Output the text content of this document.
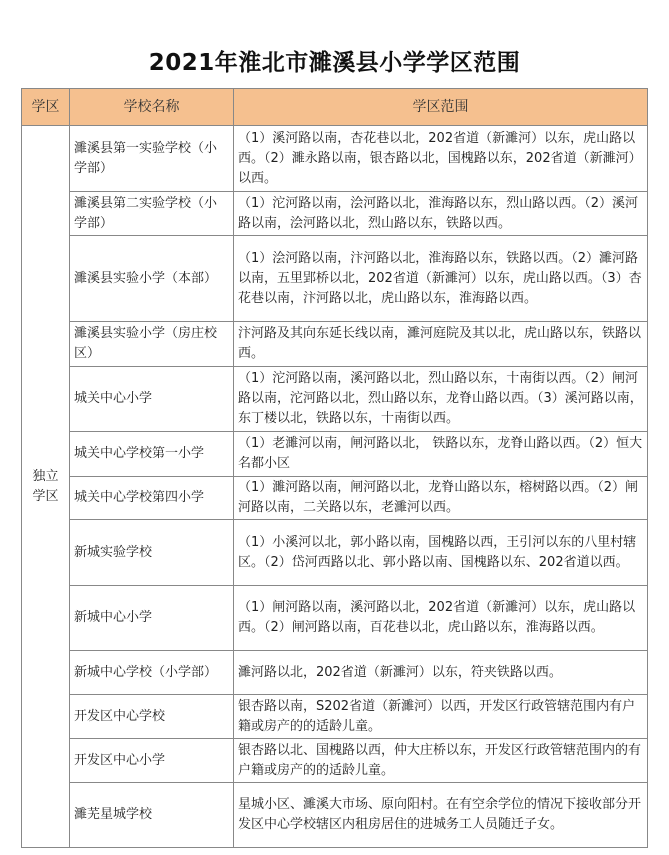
2021年淮北市濉溪县小学学区范围
学区	学校名称	学区范围
独立
学区	濉溪县第一实验学校（小学部）	（1）溪河路以南，杏花巷以北，202省道（新濉河）以东，虎山路以西。（2）濉永路以南，银杏路以北，国槐路以东，202省道（新濉河）以西。
	濉溪县第二实验学校（小学部）	（1）沱河路以南，浍河路以北，淮海路以东，烈山路以西。（2）溪河路以南，浍河路以北，烈山路以东，铁路以西。
	濉溪县实验小学（本部）	（1）浍河路以南，汴河路以北，淮海路以东，铁路以西。（2）濉河路以南，五里郢桥以北，202省道（新濉河）以东，虎山路以西。（3）杏花巷以南，汴河路以北，虎山路以东，淮海路以西。
	濉溪县实验小学（房庄校区）	汴河路及其向东延长线以南，濉河庭院及其以北，虎山路以东，铁路以西。
	城关中心小学	（1）沱河路以南，溪河路以北，烈山路以东，十南街以西。（2）闸河路以南，沱河路以北，烈山路以东，龙脊山路以西。（3）溪河路以南，东丁楼以北，铁路以东，十南街以西。
	城关中心学校第一小学	（1）老濉河以南，闸河路以北， 铁路以东，龙脊山路以西。（2）恒大名都小区
	城关中心学校第四小学	（1）濉河路以南，闸河路以北，龙脊山路以东，榕树路以西。（2）闸河路以南，二关路以东，老濉河以西。
	新城实验学校	（1）小溪河以北，郭小路以南，国槐路以西，王引河以东的八里村辖区。（2）岱河西路以北、郭小路以南、国槐路以东、202省道以西。
	新城中心小学	（1）闸河路以南，溪河路以北，202省道（新濉河）以东，虎山路以西。（2）闸河路以南，百花巷以北，虎山路以东，淮海路以西。
	新城中心学校（小学部）	濉河路以北，202省道（新濉河）以东，符夹铁路以西。
	开发区中心学校	银杏路以南，S202省道（新濉河）以西，开发区行政管辖范围内有户籍或房产的的适龄儿童。
	开发区中心小学	银杏路以北、国槐路以西，仲大庄桥以东，开发区行政管辖范围内的有户籍或房产的的适龄儿童。
	濉芜星城学校	星城小区、濉溪大市场、原向阳村。在有空余学位的情况下接收部分开发区中心学校辖区内租房居住的进城务工人员随迁子女。
